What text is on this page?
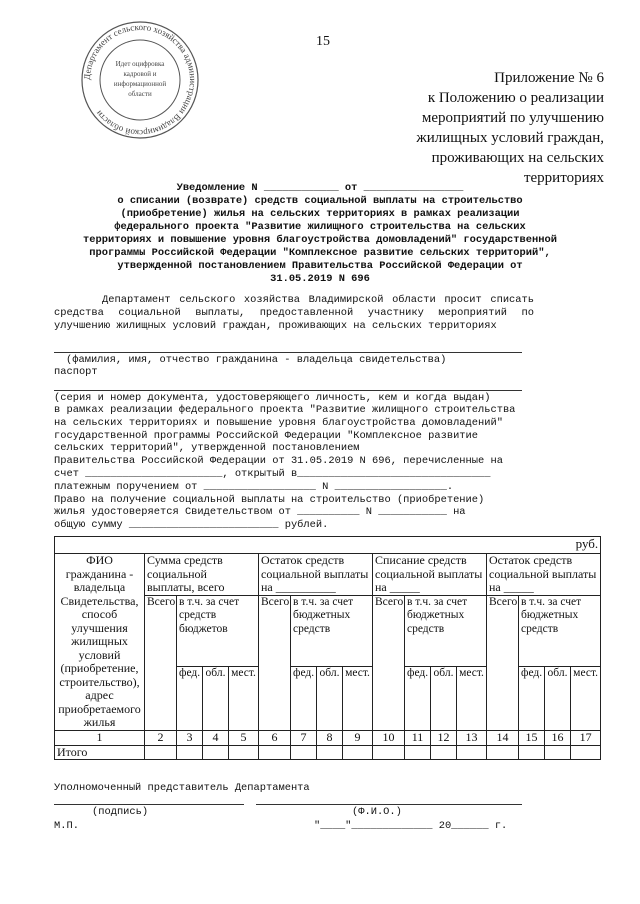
15
Департамент сельского хозяйства администрации Владимирской области
Идет оцифровка
кадровой и
информационной
области
Приложение № 6
к Положению о реализации
мероприятий по улучшению
жилищных условий граждан,
проживающих на сельских
территориях
Уведомление N ____________ от ________________
о списании (возврате) средств социальной выплаты на строительство
(приобретение) жилья на сельских территориях в рамках реализации
федерального проекта "Развитие жилищного строительства на сельских
территориях и повышение уровня благоустройства домовладений" государственной
программы Российской Федерации "Комплексное развитие сельских территорий",
утвержденной постановлением Правительства Российской Федерации от
31.05.2019 N 696
Департамент сельского хозяйства Владимирской области просит списать средства социальной выплаты, предоставленной участнику мероприятий по улучшению жилищных условий граждан, проживающих на сельских территориях
(фамилия, имя, отчество гражданина - владельца свидетельства)
паспорт
(серия и номер документа, удостоверяющего личность, кем и когда выдан)
в рамках реализации федерального проекта "Развитие жилищного строительства
на сельских территориях и повышение уровня благоустройства домовладений"
государственной программы Российской Федерации "Комплексное развитие
сельских территорий", утвержденной постановлением
Правительства Российской Федерации от 31.05.2019 N 696, перечисленные на
счет ______________________, открытый в_______________________________
платежным поручением от __________________ N __________________.
Право на получение социальной выплаты на строительство (приобретение)
жилья удостоверяется Свидетельством от __________ N ___________ на
общую сумму ________________________ рублей.
руб.																
ФИО гражданина - владельца Свидетельства, способ улучшения жилищных условий (приобретение, строительство), адрес приобретаемого жилья	Сумма средств социальной выплаты, всего				Остаток средств социальной выплаты на __________				Списание средств социальной выплаты на _____				Остаток средств социальной выплаты на _____			
	Всего	в т.ч. за счет средств бюджетов			Всего	в т.ч. за счет бюджетных средств			Всего	в т.ч. за счет бюджетных средств			Всего	в т.ч. за счет бюджетных средств		
		фед.	обл.	мест.		фед.	обл.	мест.		фед.	обл.	мест.		фед.	обл.	мест.
1	2	3	4	5	6	7	8	9	10	11	12	13	14	15	16	17
Итого																
Уполномоченный представитель Департамента
(подпись)	(Ф.И.О.)
М.П.	"____"_____________ 20______ г.
